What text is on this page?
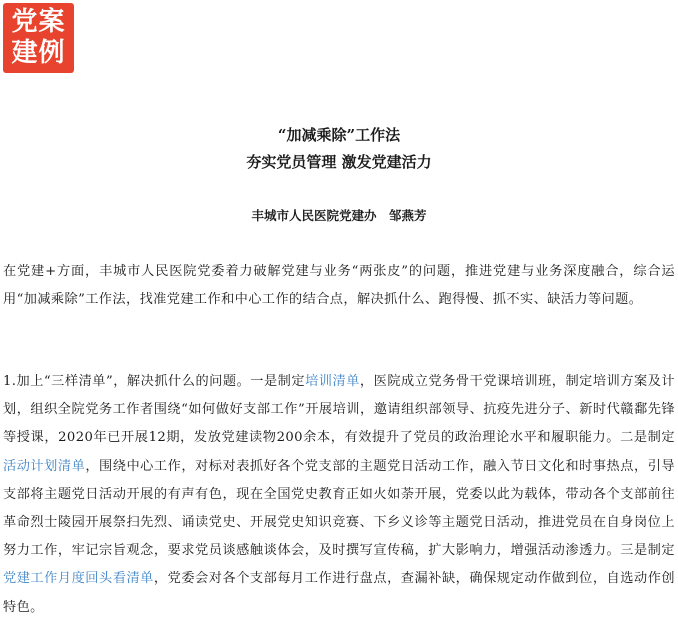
党案
建例
“加减乘除”工作法
夯实党员管理 激发党建活力
丰城市人民医院党建办　邹燕芳
在党建+方面，丰城市人民医院党委着力破解党建与业务“两张皮”的问题，推进党建与业务深度融合，综合运用“加减乘除”工作法，找准党建工作和中心工作的结合点，解决抓什么、跑得慢、抓不实、缺活力等问题。
1.加上“三样清单”，解决抓什么的问题。一是制定培训清单，医院成立党务骨干党课培训班，制定培训方案及计划，组织全院党务工作者围绕“如何做好支部工作”开展培训，邀请组织部领导、抗疫先进分子、新时代赣鄱先锋等授课，2020年已开展12期，发放党建读物200余本，有效提升了党员的政治理论水平和履职能力。二是制定活动计划清单，围绕中心工作，对标对表抓好各个党支部的主题党日活动工作，融入节日文化和时事热点，引导支部将主题党日活动开展的有声有色，现在全国党史教育正如火如荼开展，党委以此为载体，带动各个支部前往革命烈士陵园开展祭扫先烈、诵读党史、开展党史知识竞赛、下乡义诊等主题党日活动，推进党员在自身岗位上努力工作，牢记宗旨观念，要求党员谈感触谈体会，及时撰写宣传稿，扩大影响力，增强活动渗透力。三是制定党建工作月度回头看清单，党委会对各个支部每月工作进行盘点，查漏补缺，确保规定动作做到位，自选动作创特色。
